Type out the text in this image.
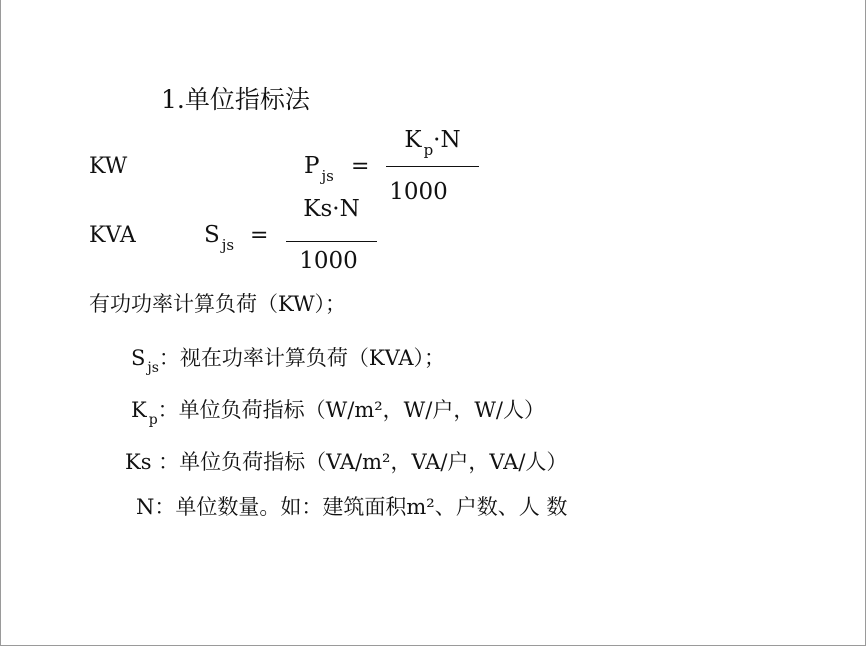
1.单位指标法
KW	P $_{js}$ =
K $_p$·N
1000
KVA	S $_{js}$ =
Ks·N
1000
有功功率计算负荷（KW）；
S $_{js}$：视在功率计算负荷（KVA）；
K $_p$：单位负荷指标（W/m²，W/户，W/人）
Ks ：单位负荷指标（VA/m²，VA/户，VA/人）
N：单位数量。如：建筑面积m²、户数、人 数
